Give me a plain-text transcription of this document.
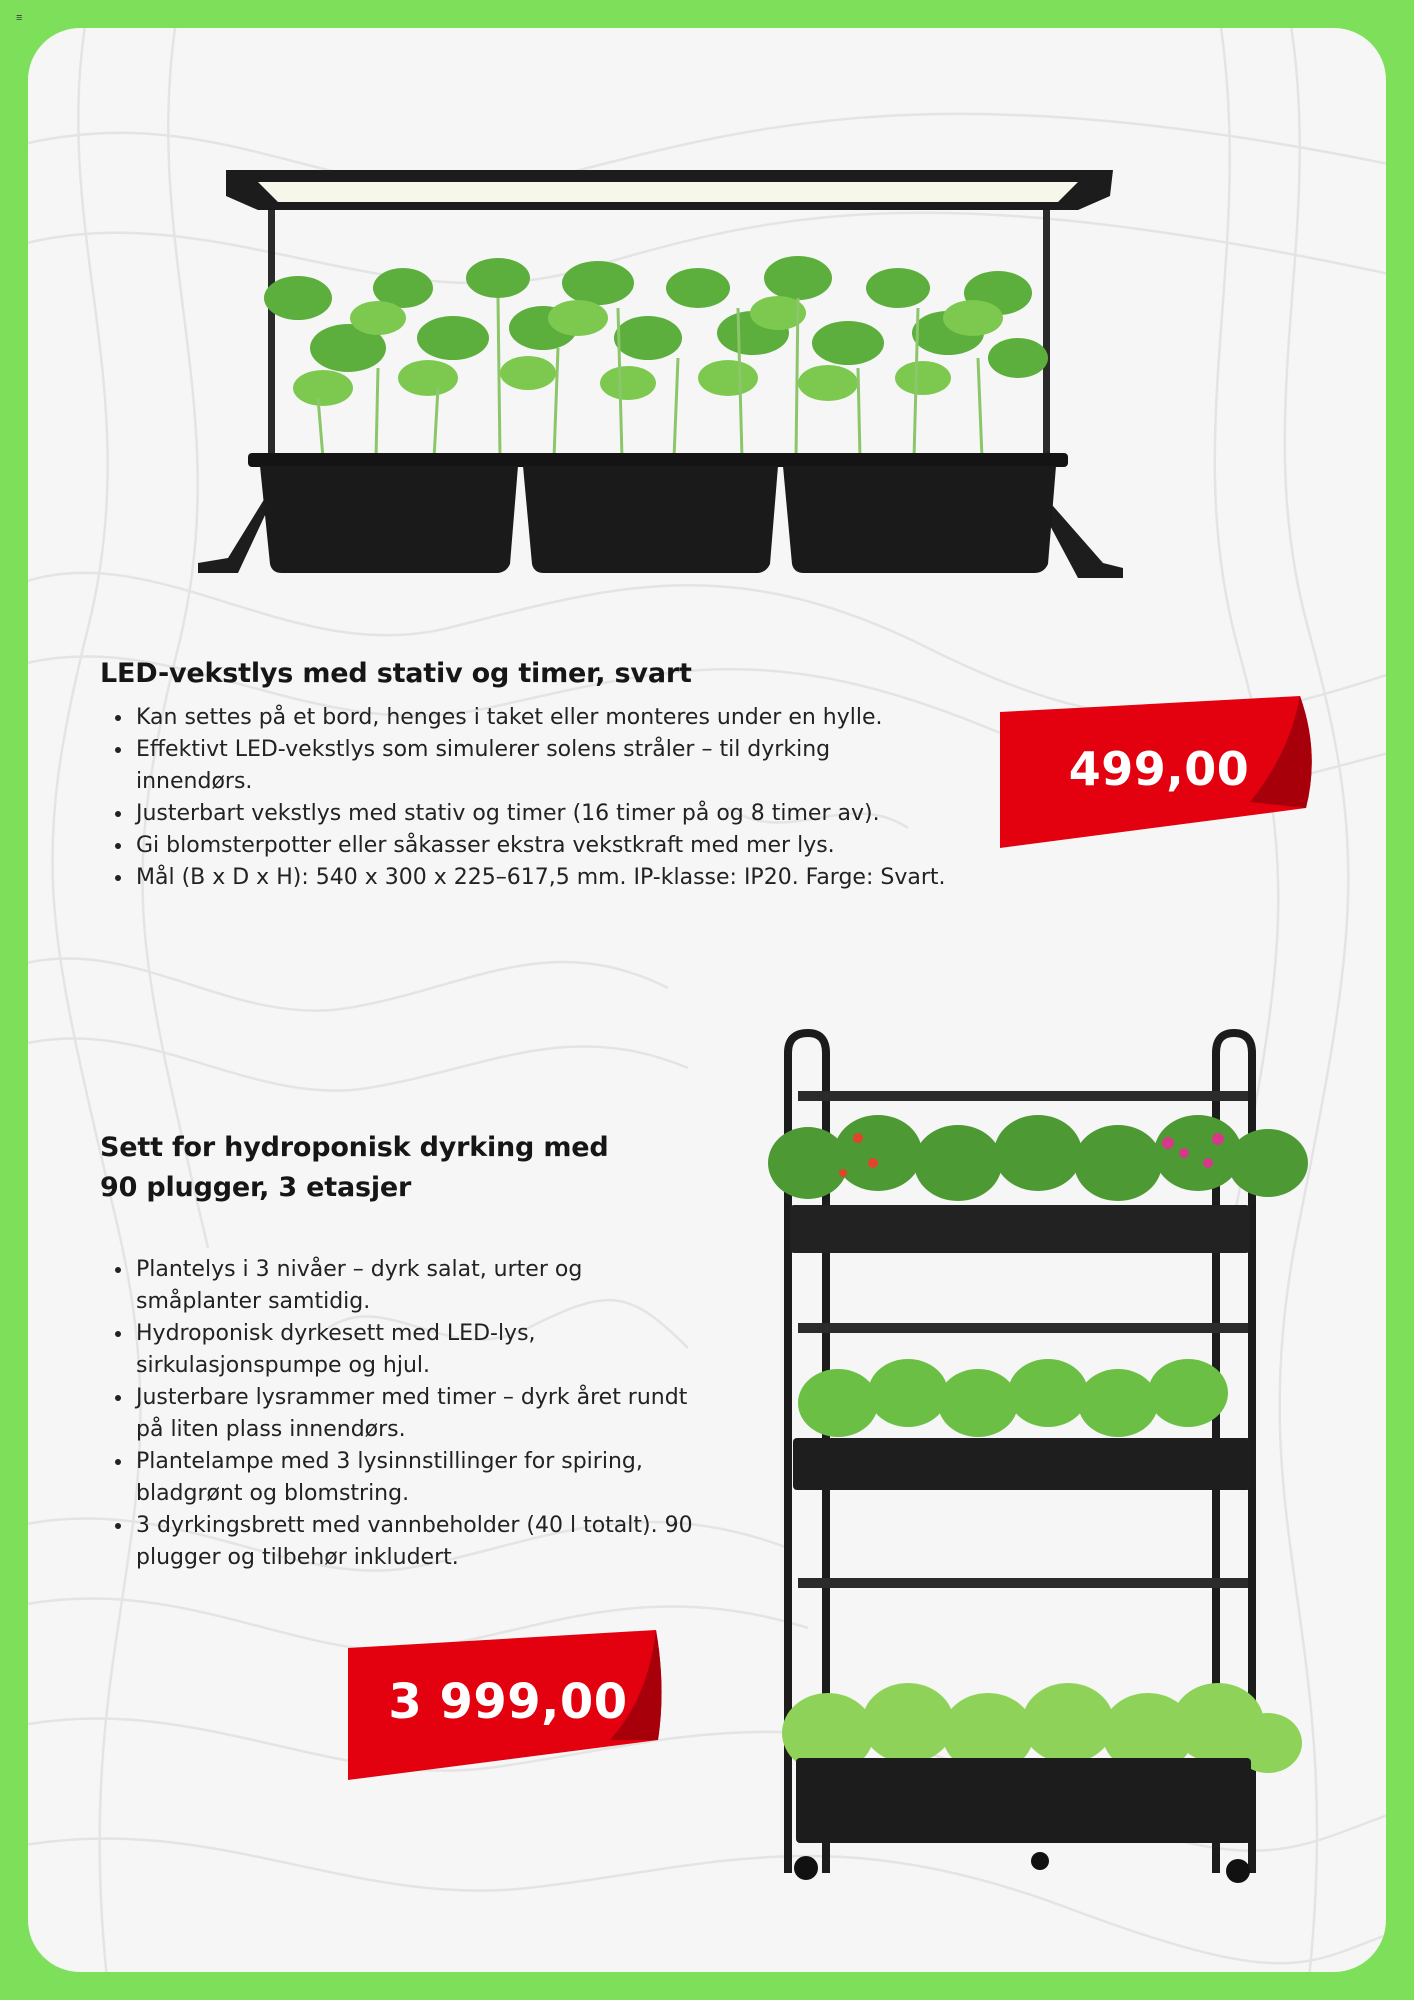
≡
LED-vekstlys med stativ og timer, svart
• Kan settes på et bord, henges i taket eller monteres under en hylle.
• Effektivt LED-vekstlys som simulerer solens stråler – til dyrking innendørs.
• Justerbart vekstlys med stativ og timer (16 timer på og 8 timer av).
• Gi blomsterpotter eller såkasser ekstra vekstkraft med mer lys.
• Mål (B x D x H): 540 x 300 x 225–617,5 mm. IP-klasse: IP20. Farge: Svart.
499,00
Sett for hydroponisk dyrking med
90 plugger, 3 etasjer
• Plantelys i 3 nivåer – dyrk salat, urter og småplanter samtidig.
• Hydroponisk dyrkesett med LED-lys, sirkulasjonspumpe og hjul.
• Justerbare lysrammer med timer – dyrk året rundt på liten plass innendørs.
• Plantelampe med 3 lysinnstillinger for spiring, bladgrønt og blomstring.
• 3 dyrkingsbrett med vannbeholder (40 l totalt). 90 plugger og tilbehør inkludert.
3 999,00
